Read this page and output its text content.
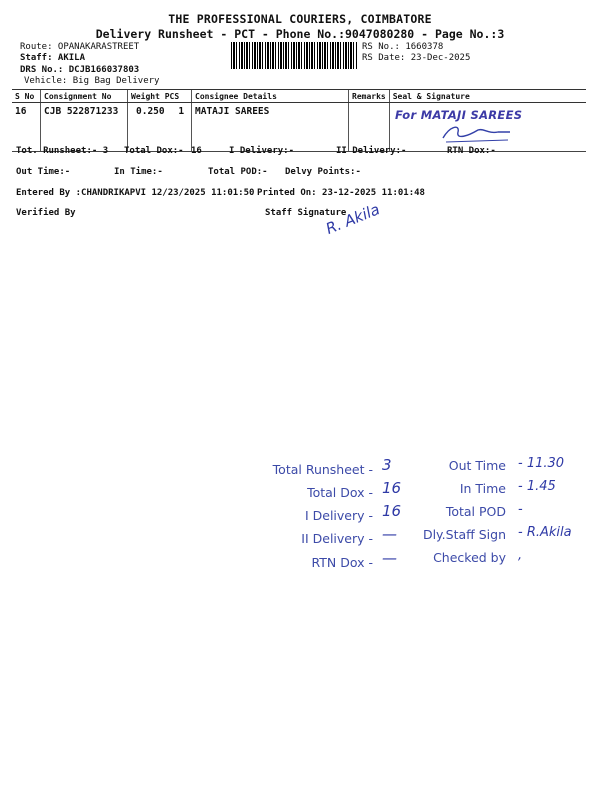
THE PROFESSIONAL COURIERS, COIMBATORE
Delivery Runsheet - PCT - Phone No.:9047080280 - Page No.:3
Route: OPANAKARASTREET
Staff: AKILA
DRS No.: DCJB166037803
Vehicle: Big Bag Delivery
RS No.: 1660378
RS Date: 23-Dec-2025
S No	Consignment No	Weight PCS	Consignee Details	Remarks	Seal & Signature
16	CJB 522871233	0.250 1	MATAJI SAREES			For MATAJI SAREES
Tot. Runsheet:- 3 Total Dox:- 16	I Delivery:-	II Delivery:-	RTN Dox:-
Out Time:-	In Time:-	Total POD:- Delvy Points:-
Entered By :CHANDRIKAPVI 12/23/2025 11:01:50 Printed On: 23-12-2025 11:01:48
Verified By	Staff Signature
R. Akila
Total Runsheet - 3
Total Dox - 16
I Delivery - 16
II Delivery - —
RTN Dox - —
Out Time - 11.30
In Time - 1.45
Total POD -
Dly.Staff Sign - R.Akila
Checked by ,
